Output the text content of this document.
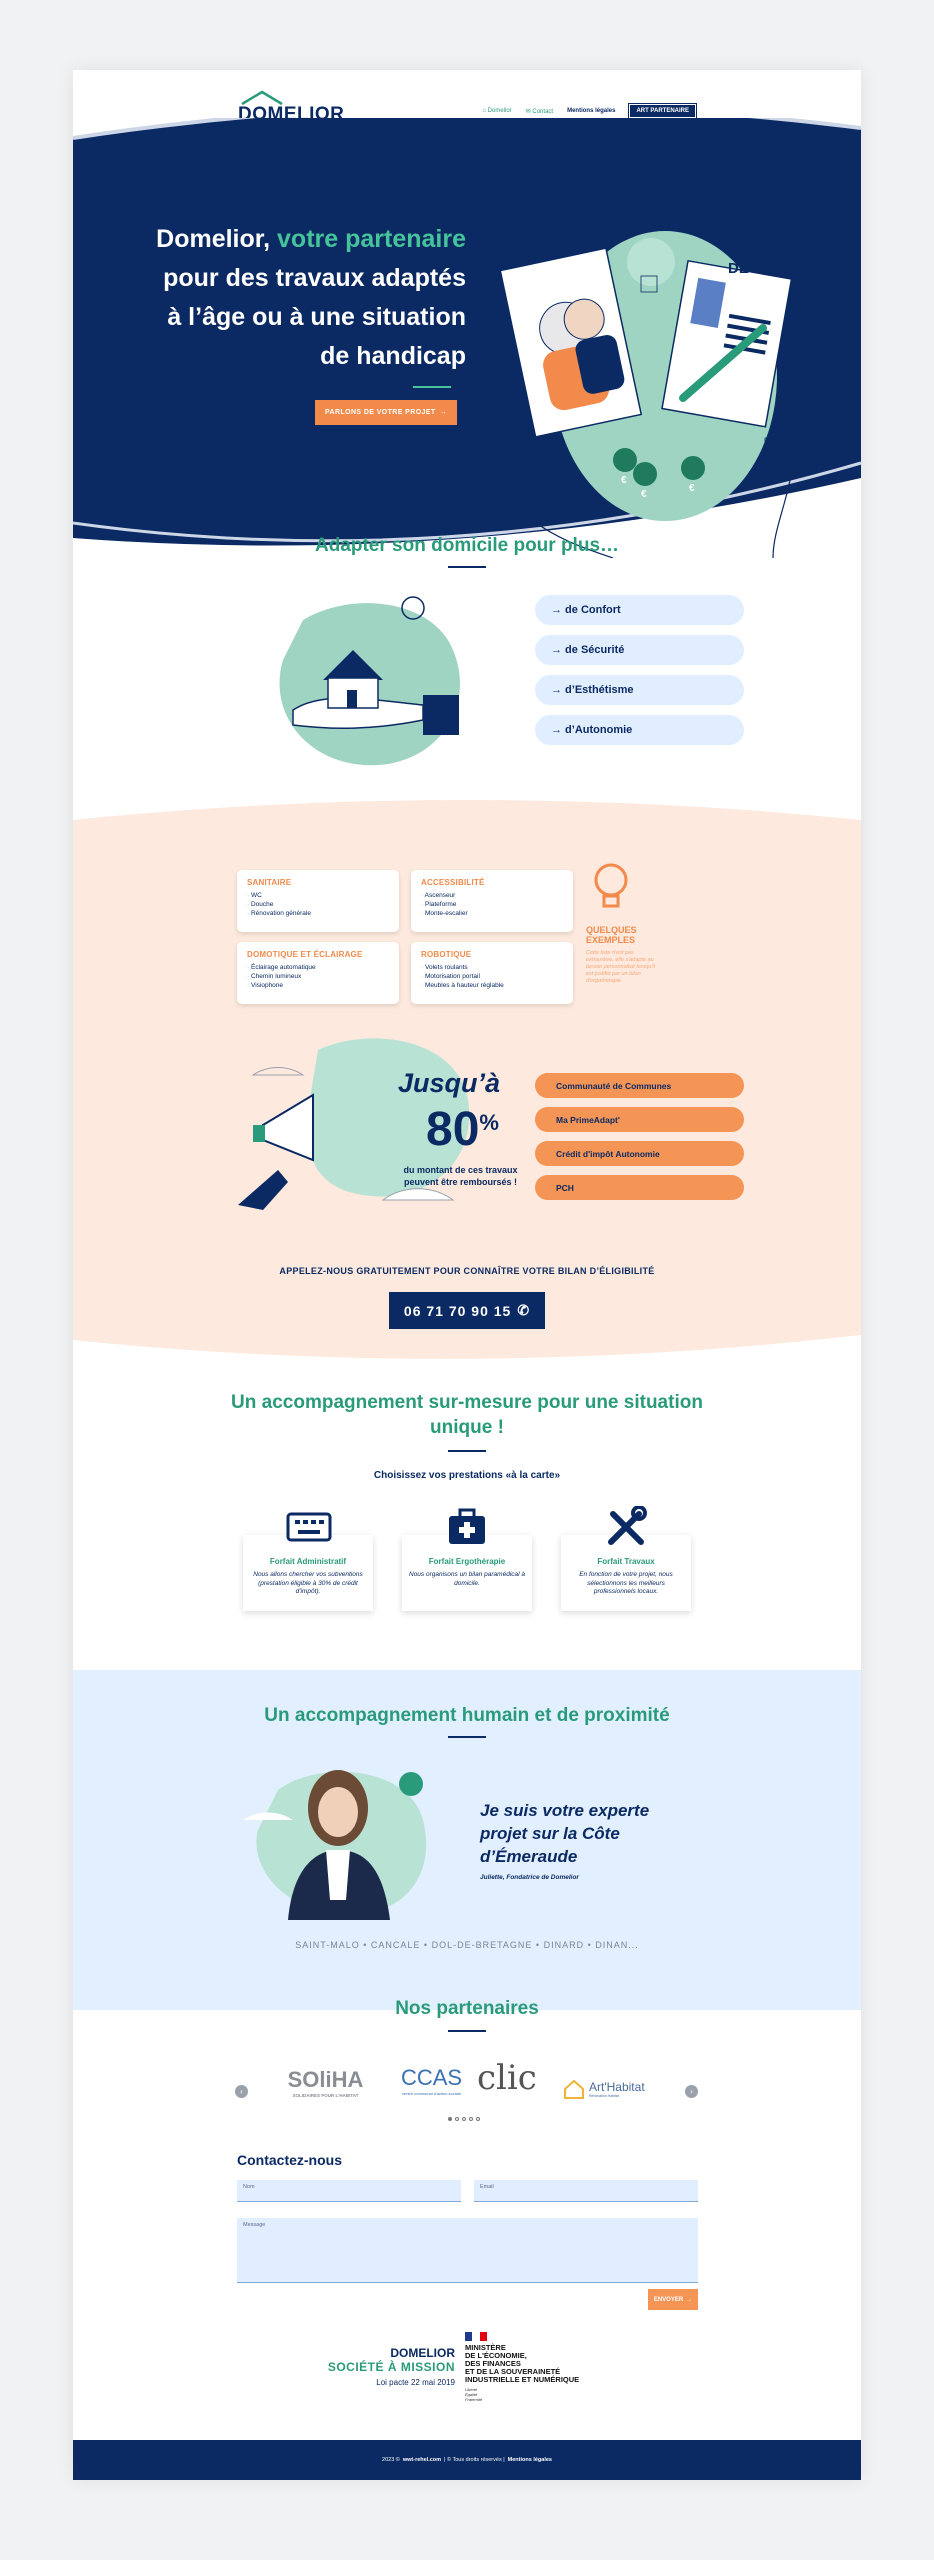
DOMELIOR	⌂ Domelior ✉ Contact Mentions légales	ART PARTENAIRE
DEVIS
€
€
€
Domelior, votre partenaire
pour des travaux adaptés
à l’âge ou à une situation
de handicap
PARLONS DE VOTRE PROJET →
Adapter son domicile pour plus…
→ de Confort
→ de Sécurité
→ d’Esthétisme
→ d’Autonomie
SANITAIRE
· WC
· Douche
· Rénovation générale
ACCESSIBILITÉ
· Ascenseur
· Plateforme
· Monte-escalier
DOMOTIQUE ET ÉCLAIRAGE
· Éclairage automatique
· Chemin lumineux
· Visiophone
ROBOTIQUE
· Volets roulants
· Motorisation portail
· Meubles à hauteur réglable
QUELQUES EXEMPLES
Cette liste n'est pas exhaustive, elle s'adapte au besoin personnalisé lorsqu'il est justifié par un bilan d'ergothérapie
Jusqu’à
80 %
du montant de ces travaux peuvent être remboursés !
Communauté de Communes
Ma PrimeAdapt'
Crédit d'impôt Autonomie
PCH
APPELEZ-NOUS GRATUITEMENT POUR CONNAÎTRE VOTRE BILAN D’ÉLIGIBILITÉ
06 71 70 90 15 ✆
Un accompagnement sur-mesure pour une situation
unique !
Choisissez vos prestations «à la carte»
Forfait Administratif

Nous allons chercher vos subventions (prestation éligible à 30% de crédit d'impôt).

Forfait Ergothérapie

Nous organisons un bilan paramédical à domicile.

Forfait Travaux

En fonction de votre projet, nous sélectionnons les meilleurs professionnels locaux.

Un accompagnement humain et de proximité
Je suis votre experte
projet sur la Côte
d’Émeraude
Juliette, Fondatrice de Domelior
SAINT-MALO • CANCALE • DOL-DE-BRETAGNE • DINARD • DINAN...
Nos partenaires
‹	›
SOliHA
SOLIDAIRES POUR L'HABITAT
CCAS
centre communal d'action sociale clic	Art'Habitat
Rénovation Habitat
Contactez-nous
Nom	Email
Message
ENVOYER →
DOMELIOR
SOCIÉTÉ À MISSION
Loi pacte 22 mai 2019
MINISTÈRE
DE L'ÉCONOMIE,
DES FINANCES
ET DE LA SOUVERAINETÉ
INDUSTRIELLE ET NUMÉRIQUE
Liberté
Égalité
Fraternité
2023 © wwt-rehel.com | © Tous droits réservés | Mentions légales
